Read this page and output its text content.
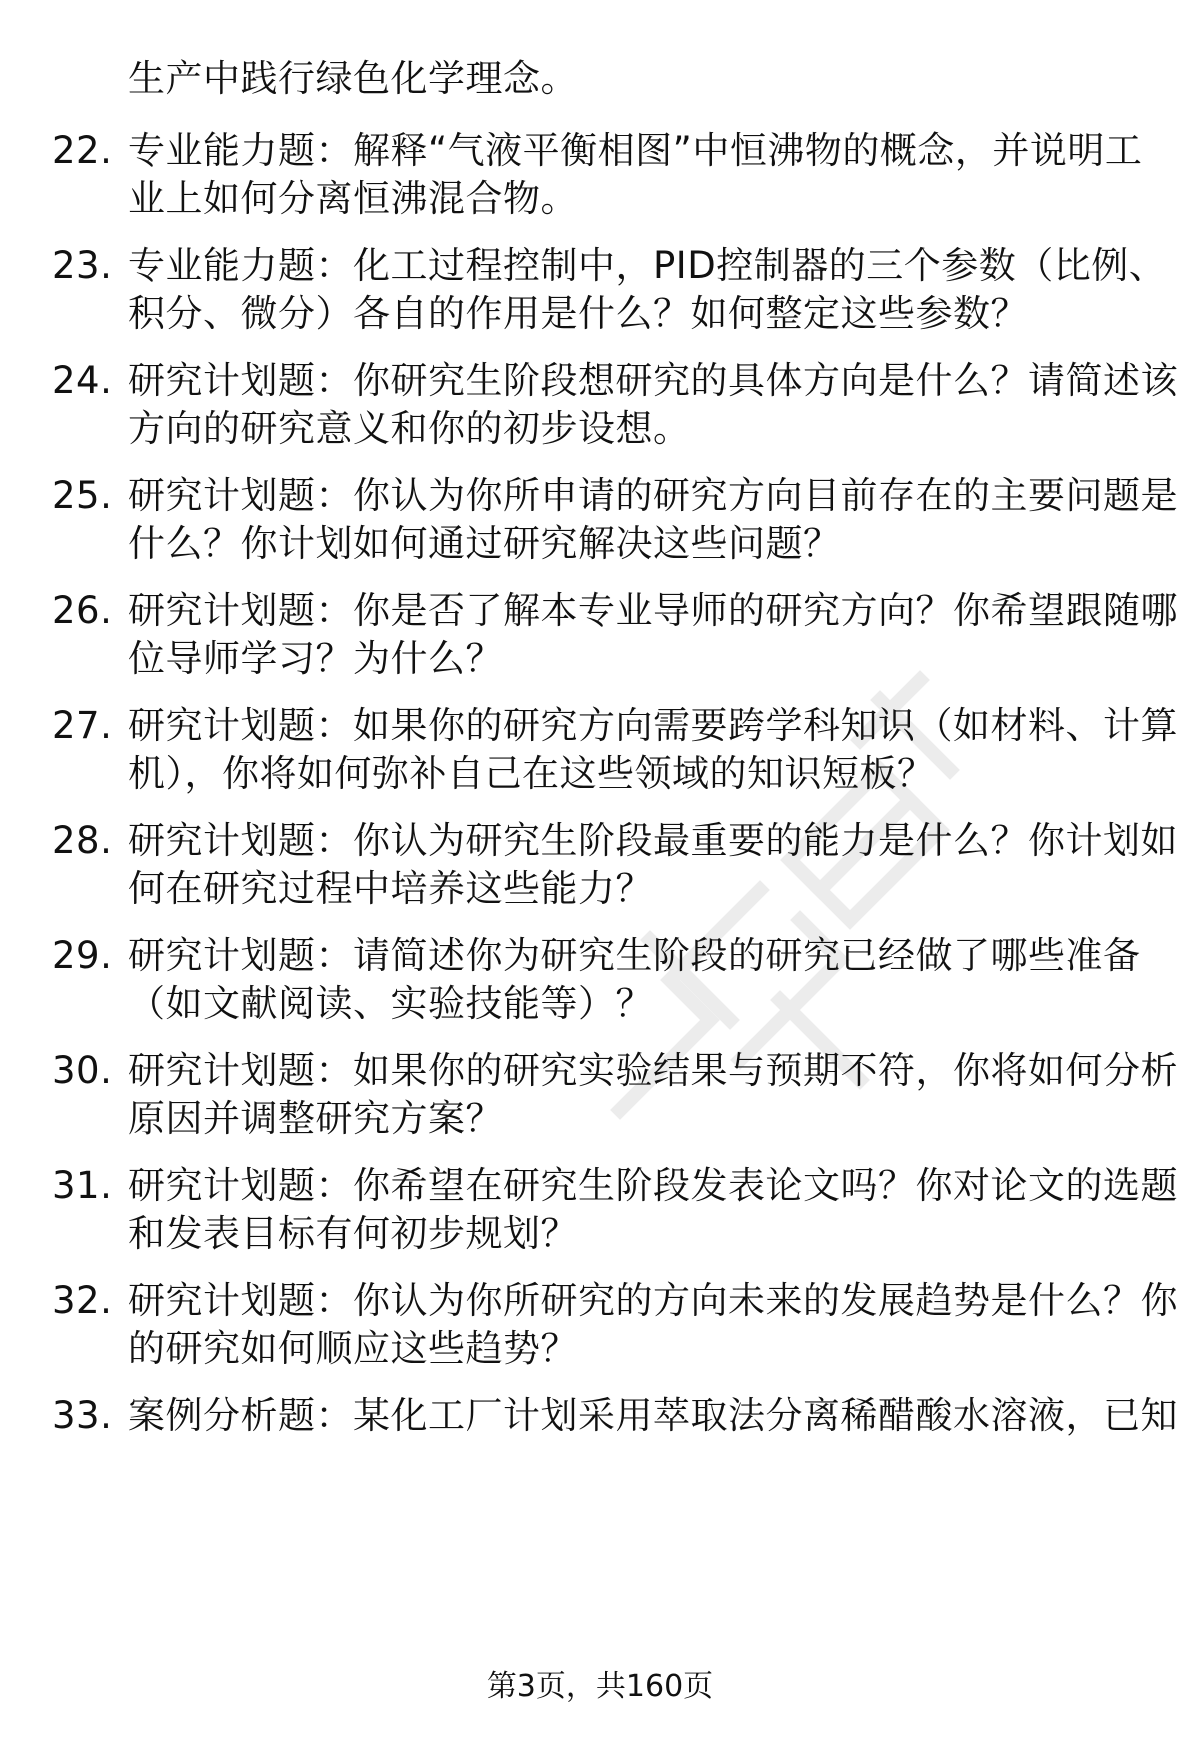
生产中践行绿色化学理念。
22. 专业能力题：解释“气液平衡相图”中恒沸物的概念，并说明工
业上如何分离恒沸混合物。
23. 专业能力题：化工过程控制中，PID控制器的三个参数（比例、
积分、微分）各自的作用是什么？如何整定这些参数？
24. 研究计划题：你研究生阶段想研究的具体方向是什么？请简述该
方向的研究意义和你的初步设想。
25. 研究计划题：你认为你所申请的研究方向目前存在的主要问题是
什么？你计划如何通过研究解决这些问题？
26. 研究计划题：你是否了解本专业导师的研究方向？你希望跟随哪
位导师学习？为什么？
27. 研究计划题：如果你的研究方向需要跨学科知识（如材料、计算
机），你将如何弥补自己在这些领域的知识短板？
28. 研究计划题：你认为研究生阶段最重要的能力是什么？你计划如
何在研究过程中培养这些能力？
29. 研究计划题：请简述你为研究生阶段的研究已经做了哪些准备
（如文献阅读、实验技能等）？
30. 研究计划题：如果你的研究实验结果与预期不符，你将如何分析
原因并调整研究方案？
31. 研究计划题：你希望在研究生阶段发表论文吗？你对论文的选题
和发表目标有何初步规划？
32. 研究计划题：你认为你所研究的方向未来的发展趋势是什么？你
的研究如何顺应这些趋势？
33. 案例分析题：某化工厂计划采用萃取法分离稀醋酸水溶液，已知
第3页，共160页
